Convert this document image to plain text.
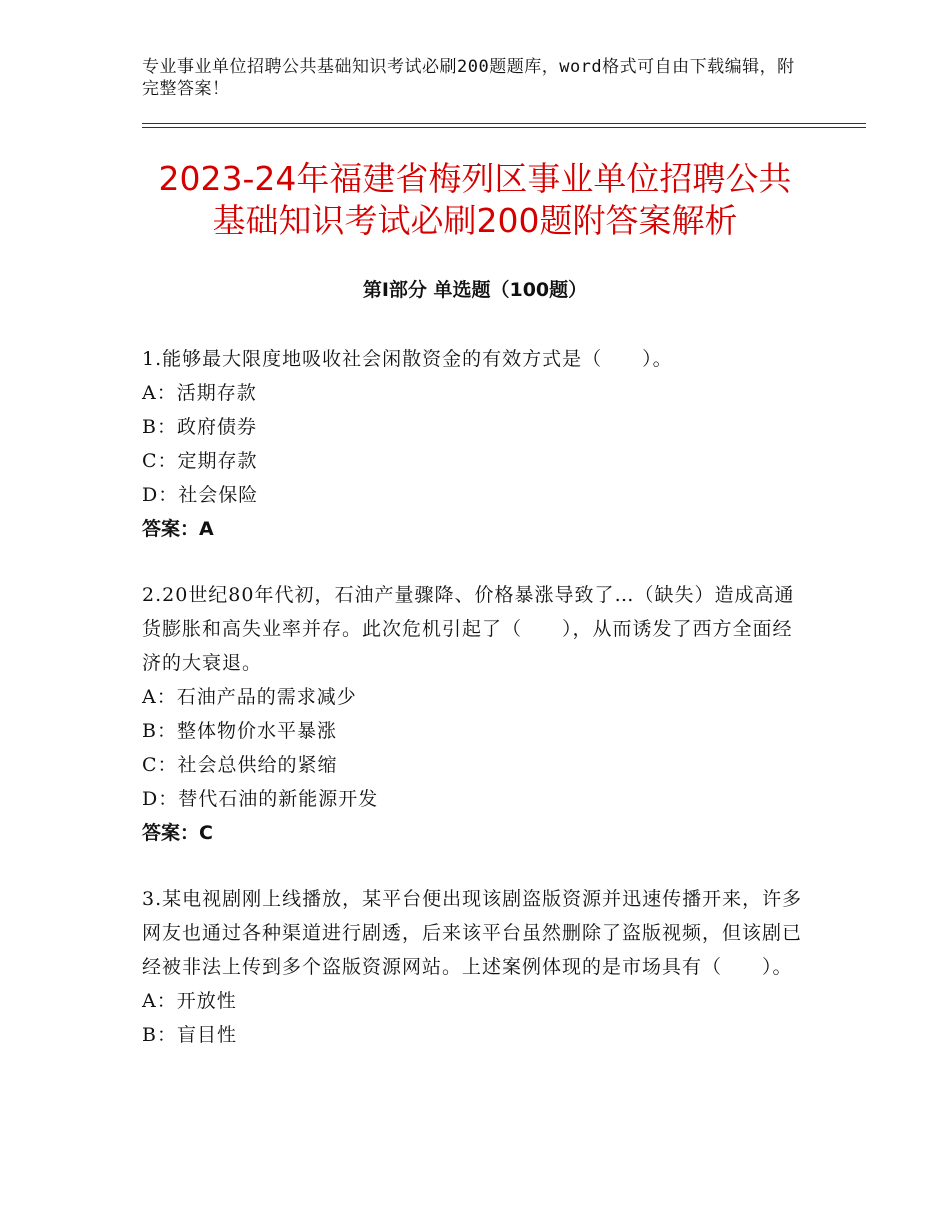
专业事业单位招聘公共基础知识考试必刷200题题库，word格式可自由下载编辑，附完整答案！
2023-24年福建省梅列区事业单位招聘公共
基础知识考试必刷200题附答案解析
第Ⅰ部分 单选题（100题）
1.能够最大限度地吸收社会闲散资金的有效方式是（　　）。
A：活期存款
B：政府债券
C：定期存款
D：社会保险
答案：A
2.20世纪80年代初，石油产量骤降、价格暴涨导致了…（缺失）造成高通货膨胀和高失业率并存。此次危机引起了（　　），从而诱发了西方全面经济的大衰退。
A：石油产品的需求减少
B：整体物价水平暴涨
C：社会总供给的紧缩
D：替代石油的新能源开发
答案：C
3.某电视剧刚上线播放，某平台便出现该剧盗版资源并迅速传播开来，许多网友也通过各种渠道进行剧透，后来该平台虽然删除了盗版视频，但该剧已经被非法上传到多个盗版资源网站。上述案例体现的是市场具有（　　）。
A：开放性
B：盲目性
